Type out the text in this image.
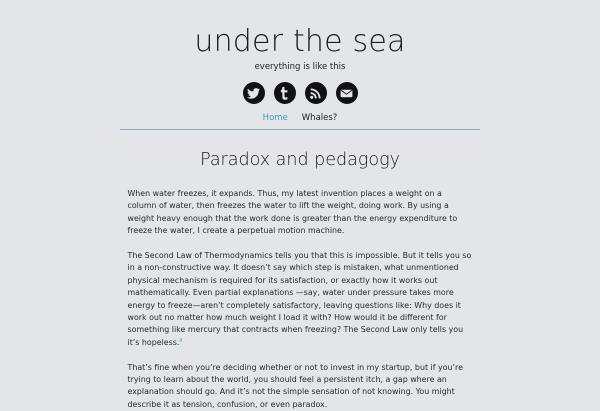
under the sea
everything is like this
Home Whales?
Paradox and pedagogy

When water freezes, it expands. Thus, my latest invention places a weight on a column of water, then freezes the water to lift the weight, doing work. By using a weight heavy enough that the work done is greater than the energy expenditure to freeze the water, I create a perpetual motion machine.

The Second Law of Thermodynamics tells you that this is impossible. But it tells you so in a non-constructive way. It doesn’t say which step is mistaken, what unmentioned physical mechanism is required for its satisfaction, or exactly how it works out mathematically. Even partial explanations —say, water under pressure takes more energy to freeze—aren’t completely satisfactory, leaving questions like: Why does it work out no matter how much weight I load it with? How would it be different for something like mercury that contracts when freezing? The Second Law only tells you it’s hopeless.$^a$

That’s fine when you’re deciding whether or not to invest in my startup, but if you’re trying to learn about the world, you should feel a persistent itch, a gap where an explanation should go. And it’s not the simple sensation of not knowing. You might describe it as tension, confusion, or even paradox.
